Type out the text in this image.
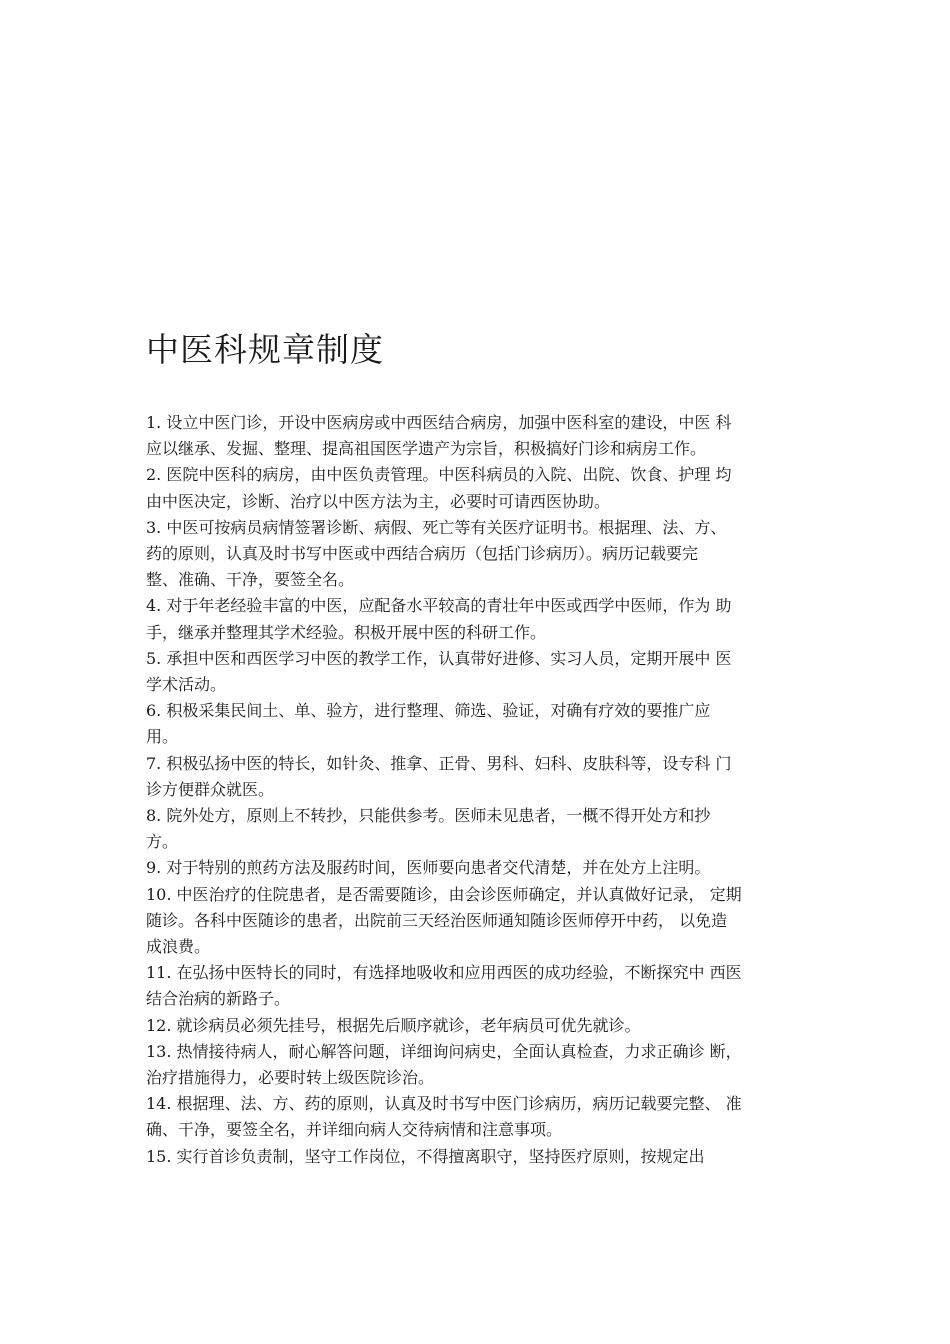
中医科规章制度
1. 设立中医门诊，开设中医病房或中西医结合病房，加强中医科室的建设，中医 科
应以继承、发掘、整理、提高祖国医学遗产为宗旨，积极搞好门诊和病房工作。
2. 医院中医科的病房，由中医负责管理。中医科病员的入院、出院、饮食、护理 均
由中医决定，诊断、治疗以中医方法为主，必要时可请西医协助。
3. 中医可按病员病情签署诊断、病假、死亡等有关医疗证明书。根据理、法、方、
药的原则，认真及时书写中医或中西结合病历（包括门诊病历）。病历记载要完
整、准确、干净，要签全名。
4. 对于年老经验丰富的中医，应配备水平较高的青壮年中医或西学中医师，作为 助
手，继承并整理其学术经验。积极开展中医的科研工作。
5. 承担中医和西医学习中医的教学工作，认真带好进修、实习人员，定期开展中 医
学术活动。
6. 积极采集民间土、单、验方，进行整理、筛选、验证，对确有疗效的要推广应
用。
7. 积极弘扬中医的特长，如针灸、推拿、正骨、男科、妇科、皮肤科等，设专科 门
诊方便群众就医。
8. 院外处方，原则上不转抄，只能供参考。医师未见患者，一概不得开处方和抄
方。
9. 对于特别的煎药方法及服药时间，医师要向患者交代清楚，并在处方上注明。
10. 中医治疗的住院患者，是否需要随诊，由会诊医师确定，并认真做好记录， 定期
随诊。各科中医随诊的患者，出院前三天经治医师通知随诊医师停开中药， 以免造
成浪费。
11. 在弘扬中医特长的同时，有选择地吸收和应用西医的成功经验，不断探究中 西医
结合治病的新路子。
12. 就诊病员必须先挂号，根据先后顺序就诊，老年病员可优先就诊。
13. 热情接待病人，耐心解答问题，详细询问病史，全面认真检查，力求正确诊 断，
治疗措施得力，必要时转上级医院诊治。
14. 根据理、法、方、药的原则，认真及时书写中医门诊病历，病历记载要完整、 准
确、干净，要签全名，并详细向病人交待病情和注意事项。
15. 实行首诊负责制，坚守工作岗位，不得擅离职守，坚持医疗原则，按规定出
